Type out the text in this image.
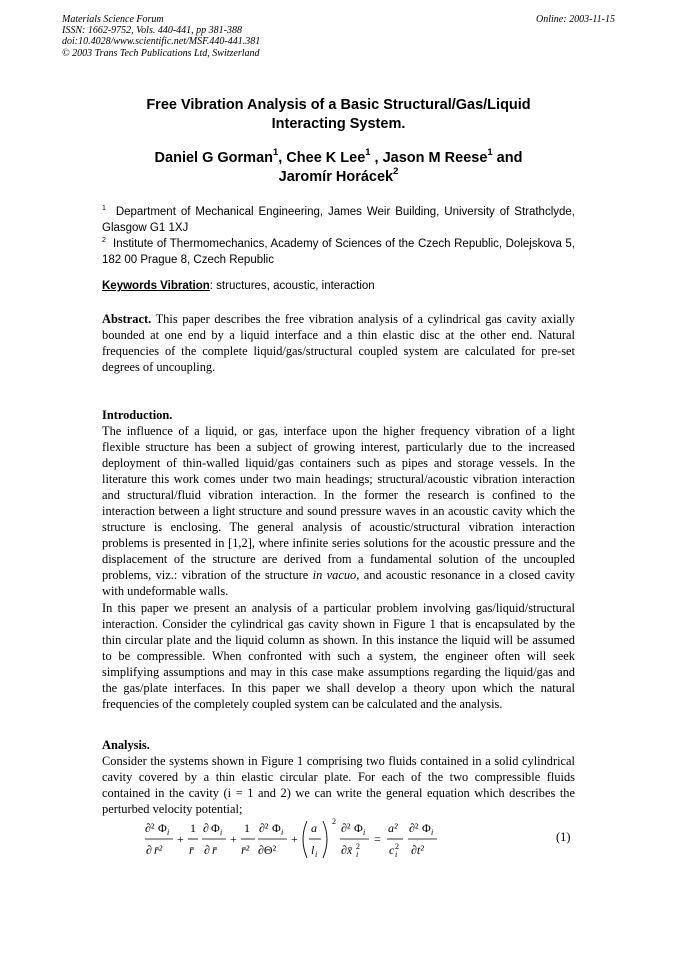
Materials Science Forum
ISSN: 1662-9752, Vols. 440-441, pp 381-388
doi:10.4028/www.scientific.net/MSF.440-441.381
© 2003 Trans Tech Publications Ltd, Switzerland
Online: 2003-11-15
Free Vibration Analysis of a Basic Structural/Gas/Liquid
Interacting System.
Daniel G Gorman$^1$, Chee K Lee$^1$ , Jason M Reese$^1$ and
Jaromír Horácek$^2$
$^1$ Department of Mechanical Engineering, James Weir Building, University of Strathclyde, Glasgow G1 1XJ
$^2$ Institute of Thermomechanics, Academy of Sciences of the Czech Republic, Dolejskova 5, 182 00 Prague 8, Czech Republic
Keywords Vibration: structures, acoustic, interaction
Abstract. This paper describes the free vibration analysis of a cylindrical gas cavity axially bounded at one end by a liquid interface and a thin elastic disc at the other end. Natural frequencies of the complete liquid/gas/structural coupled system are calculated for pre-set degrees of uncoupling.
Introduction.
The influence of a liquid, or gas, interface upon the higher frequency vibration of a light flexible structure has been a subject of growing interest, particularly due to the increased deployment of thin-walled liquid/gas containers such as pipes and storage vessels. In the literature this work comes under two main headings; structural/acoustic vibration interaction and structural/fluid vibration interaction. In the former the research is confined to the interaction between a light structure and sound pressure waves in an acoustic cavity which the structure is enclosing. The general analysis of acoustic/structural vibration interaction problems is presented in [1,2], where infinite series solutions for the acoustic pressure and the displacement of the structure are derived from a fundamental solution of the uncoupled problems, viz.: vibration of the structure in vacuo, and acoustic resonance in a closed cavity with undeformable walls.
In this paper we present an analysis of a particular problem involving gas/liquid/structural interaction. Consider the cylindrical gas cavity shown in Figure 1 that is encapsulated by the thin circular plate and the liquid column as shown. In this instance the liquid will be assumed to be compressible. When confronted with such a system, the engineer often will seek simplifying assumptions and may in this case make assumptions regarding the liquid/gas and the gas/plate interfaces. In this paper we shall develop a theory upon which the natural frequencies of the completely coupled system can be calculated and the analysis.
Analysis.
Consider the systems shown in Figure 1 comprising two fluids contained in a solid cylindrical cavity covered by a thin elastic circular plate. For each of the two compressible fluids contained in the cavity (i = 1 and 2) we can write the general equation which describes the perturbed velocity potential;
∂² Φ i
∂ r̄²
+
1
r̄
∂ Φ i
∂ r̄
+
1
r̄²
∂² Φ i
∂Θ²
+
a
l i
2 ∂² Φ i
∂x̄ 2
i
=
a²
c 2
i
∂² Φ i
∂t²
(1)
